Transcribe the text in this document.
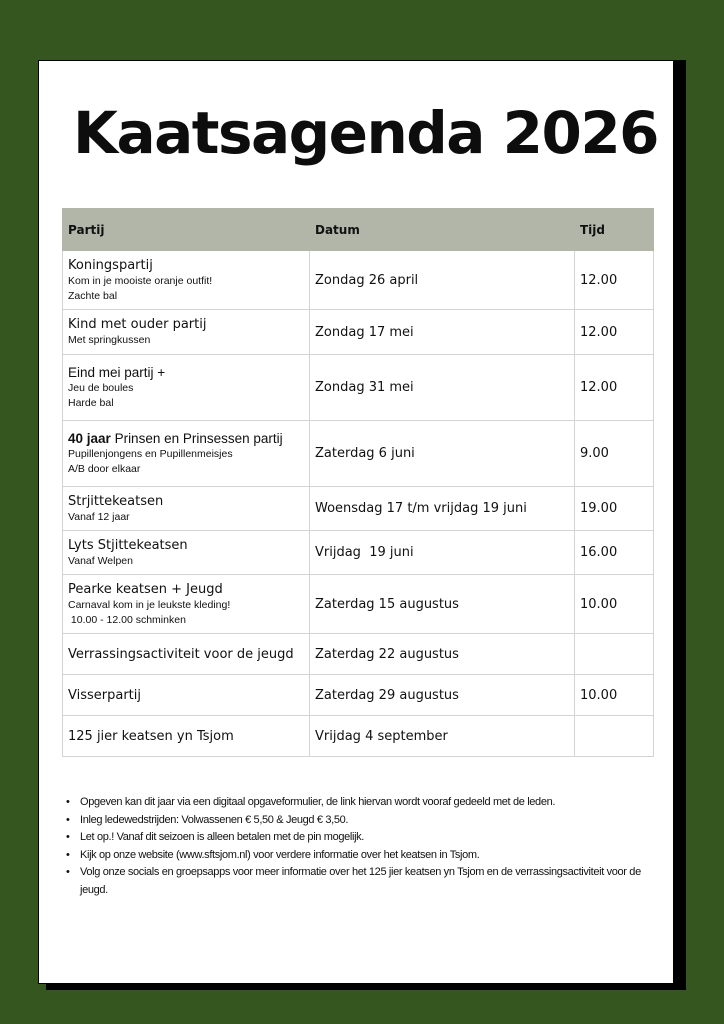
Kaatsagenda 2026
Partij	Datum	Tijd

Koningspartij
Kom in je mooiste oranje outfit!
Zachte bal	Zondag 26 april	12.00

Kind met ouder partij
Met springkussen	Zondag 17 mei	12.00

Eind mei partij +
Jeu de boules
Harde bal	Zondag 31 mei	12.00

40 jaar Prinsen en Prinsessen partij
Pupillenjongens en Pupillenmeisjes
A/B door elkaar	Zaterdag 6 juni	9.00

Strjittekeatsen
Vanaf 12 jaar	Woensdag 17 t/m vrijdag 19 juni	19.00

Lyts Stjittekeatsen
Vanaf Welpen	Vrijdag  19 juni	16.00

Pearke keatsen + Jeugd
Carnaval kom in je leukste kleding!
10.00 - 12.00 schminken	Zaterdag 15 augustus	10.00

Verrassingsactiviteit voor de jeugd	Zaterdag 22 augustus	

Visserpartij	Zaterdag 29 augustus	10.00

125 jier keatsen yn Tsjom	Vrijdag 4 september	
• Opgeven kan dit jaar via een digitaal opgaveformulier, de link hiervan wordt vooraf gedeeld met de leden.
• Inleg ledewedstrijden: Volwassenen € 5,50 & Jeugd € 3,50.
• Let op.! Vanaf dit seizoen is alleen betalen met de pin mogelijk.
• Kijk op onze website (www.sftsjom.nl) voor verdere informatie over het keatsen in Tsjom.
• Volg onze socials en groepsapps voor meer informatie over het 125 jier keatsen yn Tsjom en de verrassingsactiviteit voor de jeugd.
